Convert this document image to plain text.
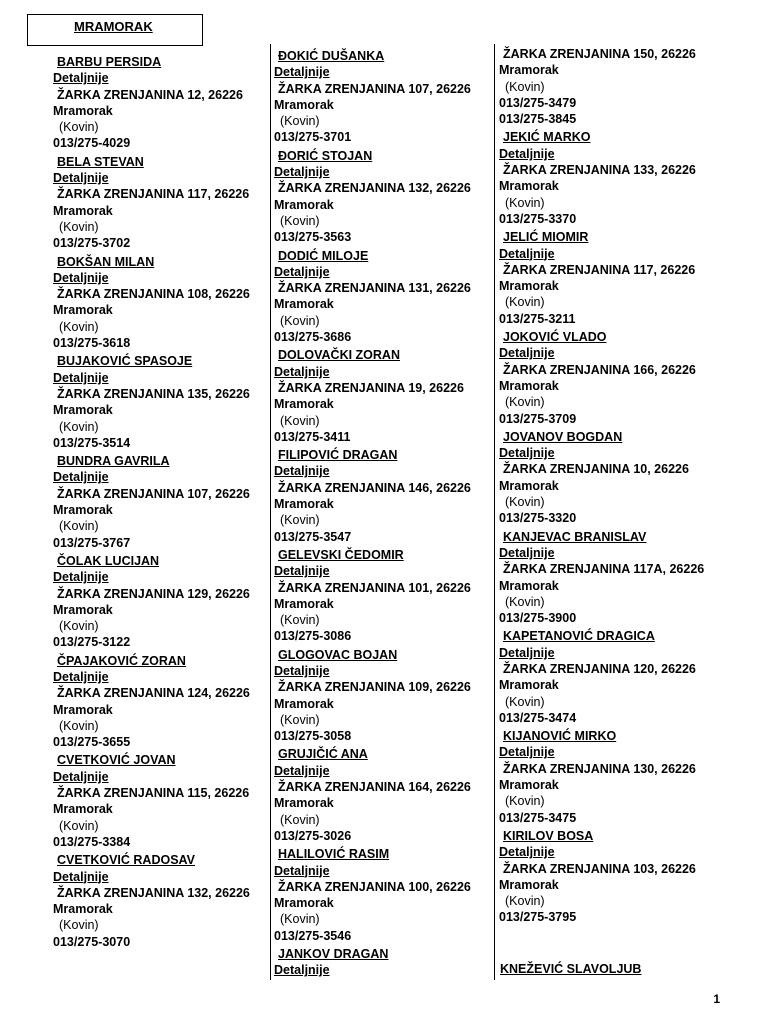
MRAMORAK
BARBU PERSIDA
Detaljnije
ŽARKA ZRENJANINA 12, 26226
Mramorak
(Kovin)
013/275-4029
BELA STEVAN
Detaljnije
ŽARKA ZRENJANINA 117, 26226
Mramorak
(Kovin)
013/275-3702
BOKŠAN MILAN
Detaljnije
ŽARKA ZRENJANINA 108, 26226
Mramorak
(Kovin)
013/275-3618
BUJAKOVIĆ SPASOJE
Detaljnije
ŽARKA ZRENJANINA 135, 26226
Mramorak
(Kovin)
013/275-3514
BUNDRA GAVRILA
Detaljnije
ŽARKA ZRENJANINA 107, 26226
Mramorak
(Kovin)
013/275-3767
ČOLAK LUCIJAN
Detaljnije
ŽARKA ZRENJANINA 129, 26226
Mramorak
(Kovin)
013/275-3122
ČPAJAKOVIĆ ZORAN
Detaljnije
ŽARKA ZRENJANINA 124, 26226
Mramorak
(Kovin)
013/275-3655
CVETKOVIĆ JOVAN
Detaljnije
ŽARKA ZRENJANINA 115, 26226
Mramorak
(Kovin)
013/275-3384
CVETKOVIĆ RADOSAV
Detaljnije
ŽARKA ZRENJANINA 132, 26226
Mramorak
(Kovin)
013/275-3070
ĐOKIĆ DUŠANKA
Detaljnije
ŽARKA ZRENJANINA 107, 26226
Mramorak
(Kovin)
013/275-3701
ĐORIĆ STOJAN
Detaljnije
ŽARKA ZRENJANINA 132, 26226
Mramorak
(Kovin)
013/275-3563
DODIĆ MILOJE
Detaljnije
ŽARKA ZRENJANINA 131, 26226
Mramorak
(Kovin)
013/275-3686
DOLOVAČKI ZORAN
Detaljnije
ŽARKA ZRENJANINA 19, 26226
Mramorak
(Kovin)
013/275-3411
FILIPOVIĆ DRAGAN
Detaljnije
ŽARKA ZRENJANINA 146, 26226
Mramorak
(Kovin)
013/275-3547
GELEVSKI ČEDOMIR
Detaljnije
ŽARKA ZRENJANINA 101, 26226
Mramorak
(Kovin)
013/275-3086
GLOGOVAC BOJAN
Detaljnije
ŽARKA ZRENJANINA 109, 26226
Mramorak
(Kovin)
013/275-3058
GRUJIČIĆ ANA
Detaljnije
ŽARKA ZRENJANINA 164, 26226
Mramorak
(Kovin)
013/275-3026
HALILOVIĆ RASIM
Detaljnije
ŽARKA ZRENJANINA 100, 26226
Mramorak
(Kovin)
013/275-3546
JANKOV DRAGAN
Detaljnije
ŽARKA ZRENJANINA 150, 26226
Mramorak
(Kovin)
013/275-3479
013/275-3845
JEKIĆ MARKO
Detaljnije
ŽARKA ZRENJANINA 133, 26226
Mramorak
(Kovin)
013/275-3370
JELIĆ MIOMIR
Detaljnije
ŽARKA ZRENJANINA 117, 26226
Mramorak
(Kovin)
013/275-3211
JOKOVIĆ VLADO
Detaljnije
ŽARKA ZRENJANINA 166, 26226
Mramorak
(Kovin)
013/275-3709
JOVANOV BOGDAN
Detaljnije
ŽARKA ZRENJANINA 10, 26226
Mramorak
(Kovin)
013/275-3320
KANJEVAC BRANISLAV
Detaljnije
ŽARKA ZRENJANINA 117A, 26226
Mramorak
(Kovin)
013/275-3900
KAPETANOVIĆ DRAGICA
Detaljnije
ŽARKA ZRENJANINA 120, 26226
Mramorak
(Kovin)
013/275-3474
KIJANOVIĆ MIRKO
Detaljnije
ŽARKA ZRENJANINA 130, 26226
Mramorak
(Kovin)
013/275-3475
KIRILOV BOSA
Detaljnije
ŽARKA ZRENJANINA 103, 26226
Mramorak
(Kovin)
013/275-3795
KNEŽEVIĆ SLAVOLJUB
1
